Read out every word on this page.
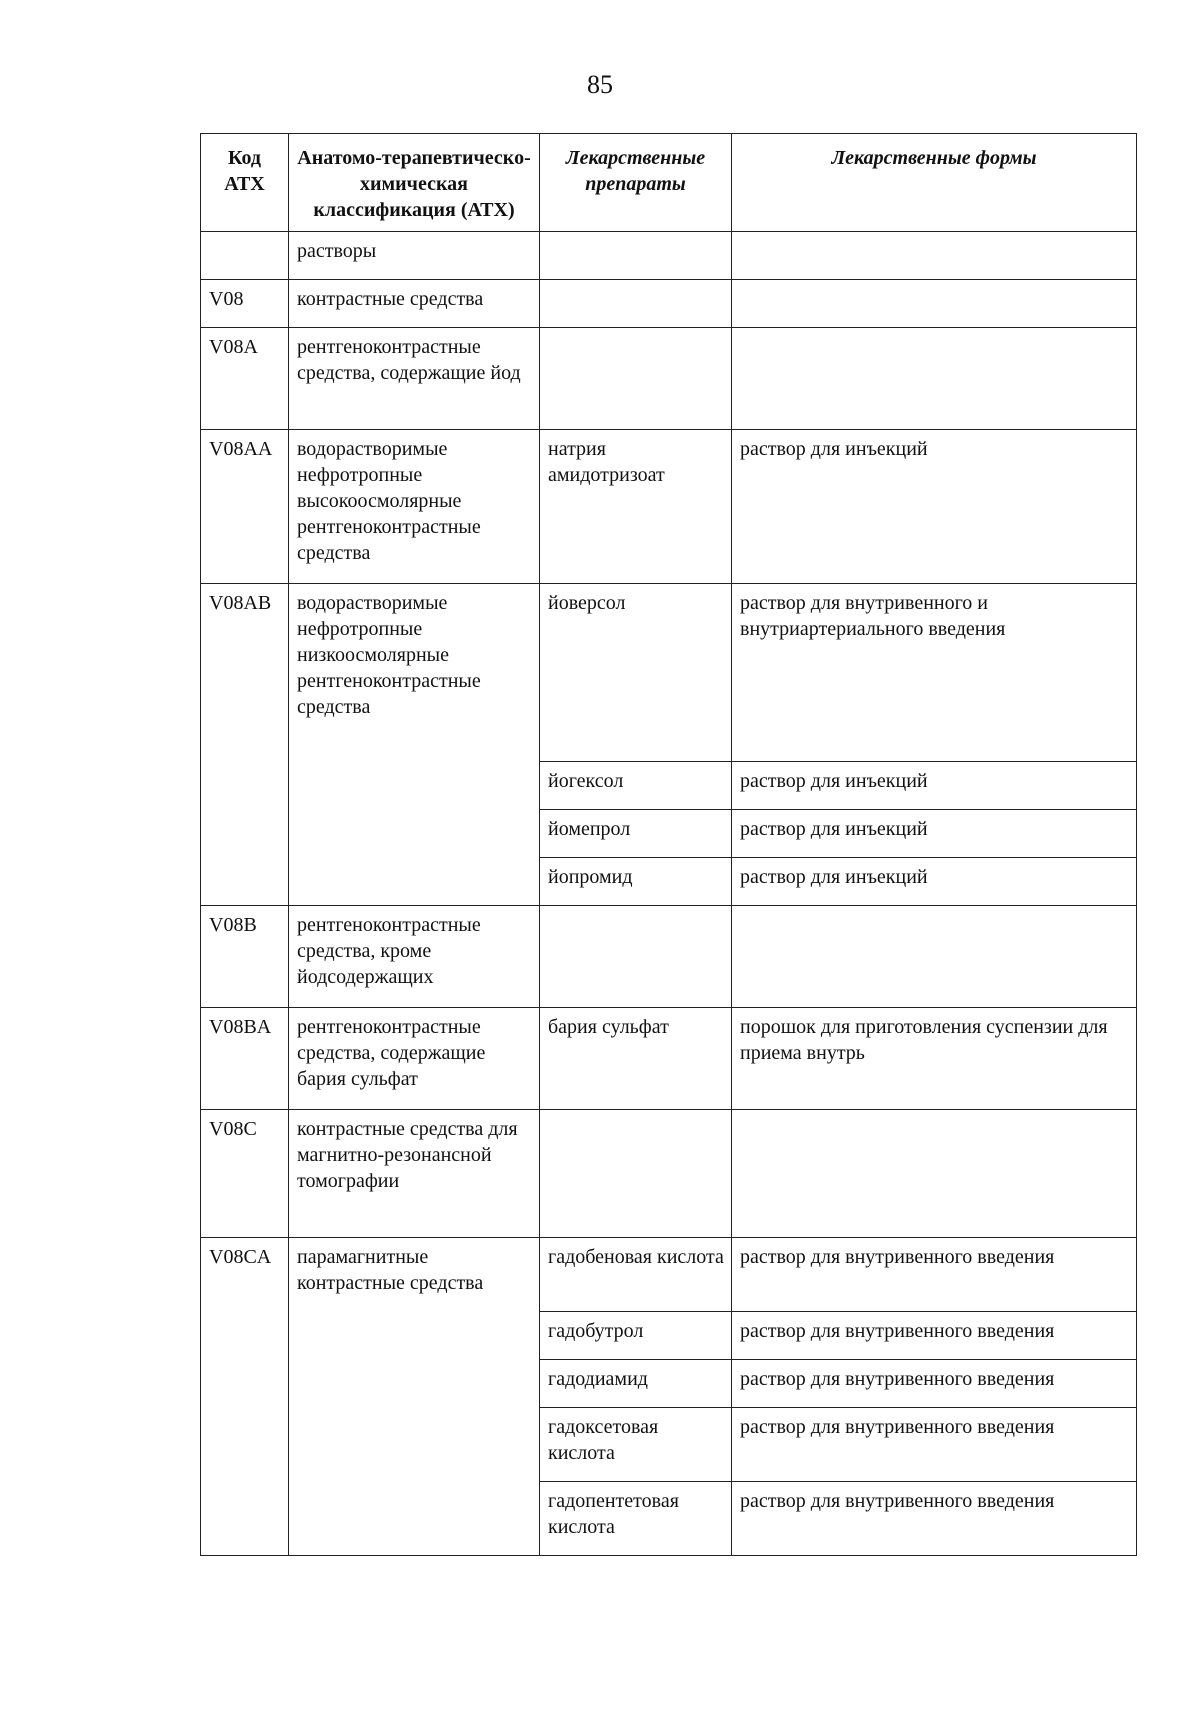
85
Код АТХ	Анатомо-терапевтическо-химическая классификация (АТХ)	Лекарственные препараты	Лекарственные формы
	растворы		
V08	контрастные средства		
V08A	рентгеноконтрастные средства, содержащие йод		
V08AA	водорастворимые нефротропные высокоосмолярные рентгеноконтрастные средства	натрия амидотризоат	раствор для инъекций
V08AB	водорастворимые нефротропные низкоосмолярные рентгеноконтрастные средства	йоверсол	раствор для внутривенного и внутриартериального введения
		йогексол	раствор для инъекций
		йомепрол	раствор для инъекций
		йопромид	раствор для инъекций
V08B	рентгеноконтрастные средства, кроме йодсодержащих		
V08BA	рентгеноконтрастные средства, содержащие бария сульфат	бария сульфат	порошок для приготовления суспензии для приема внутрь
V08C	контрастные средства для магнитно-резонансной томографии		
V08CA	парамагнитные контрастные средства	гадобеновая кислота	раствор для внутривенного введения
		гадобутрол	раствор для внутривенного введения
		гадодиамид	раствор для внутривенного введения
		гадоксетовая кислота	раствор для внутривенного введения
		гадопентетовая кислота	раствор для внутривенного введения
